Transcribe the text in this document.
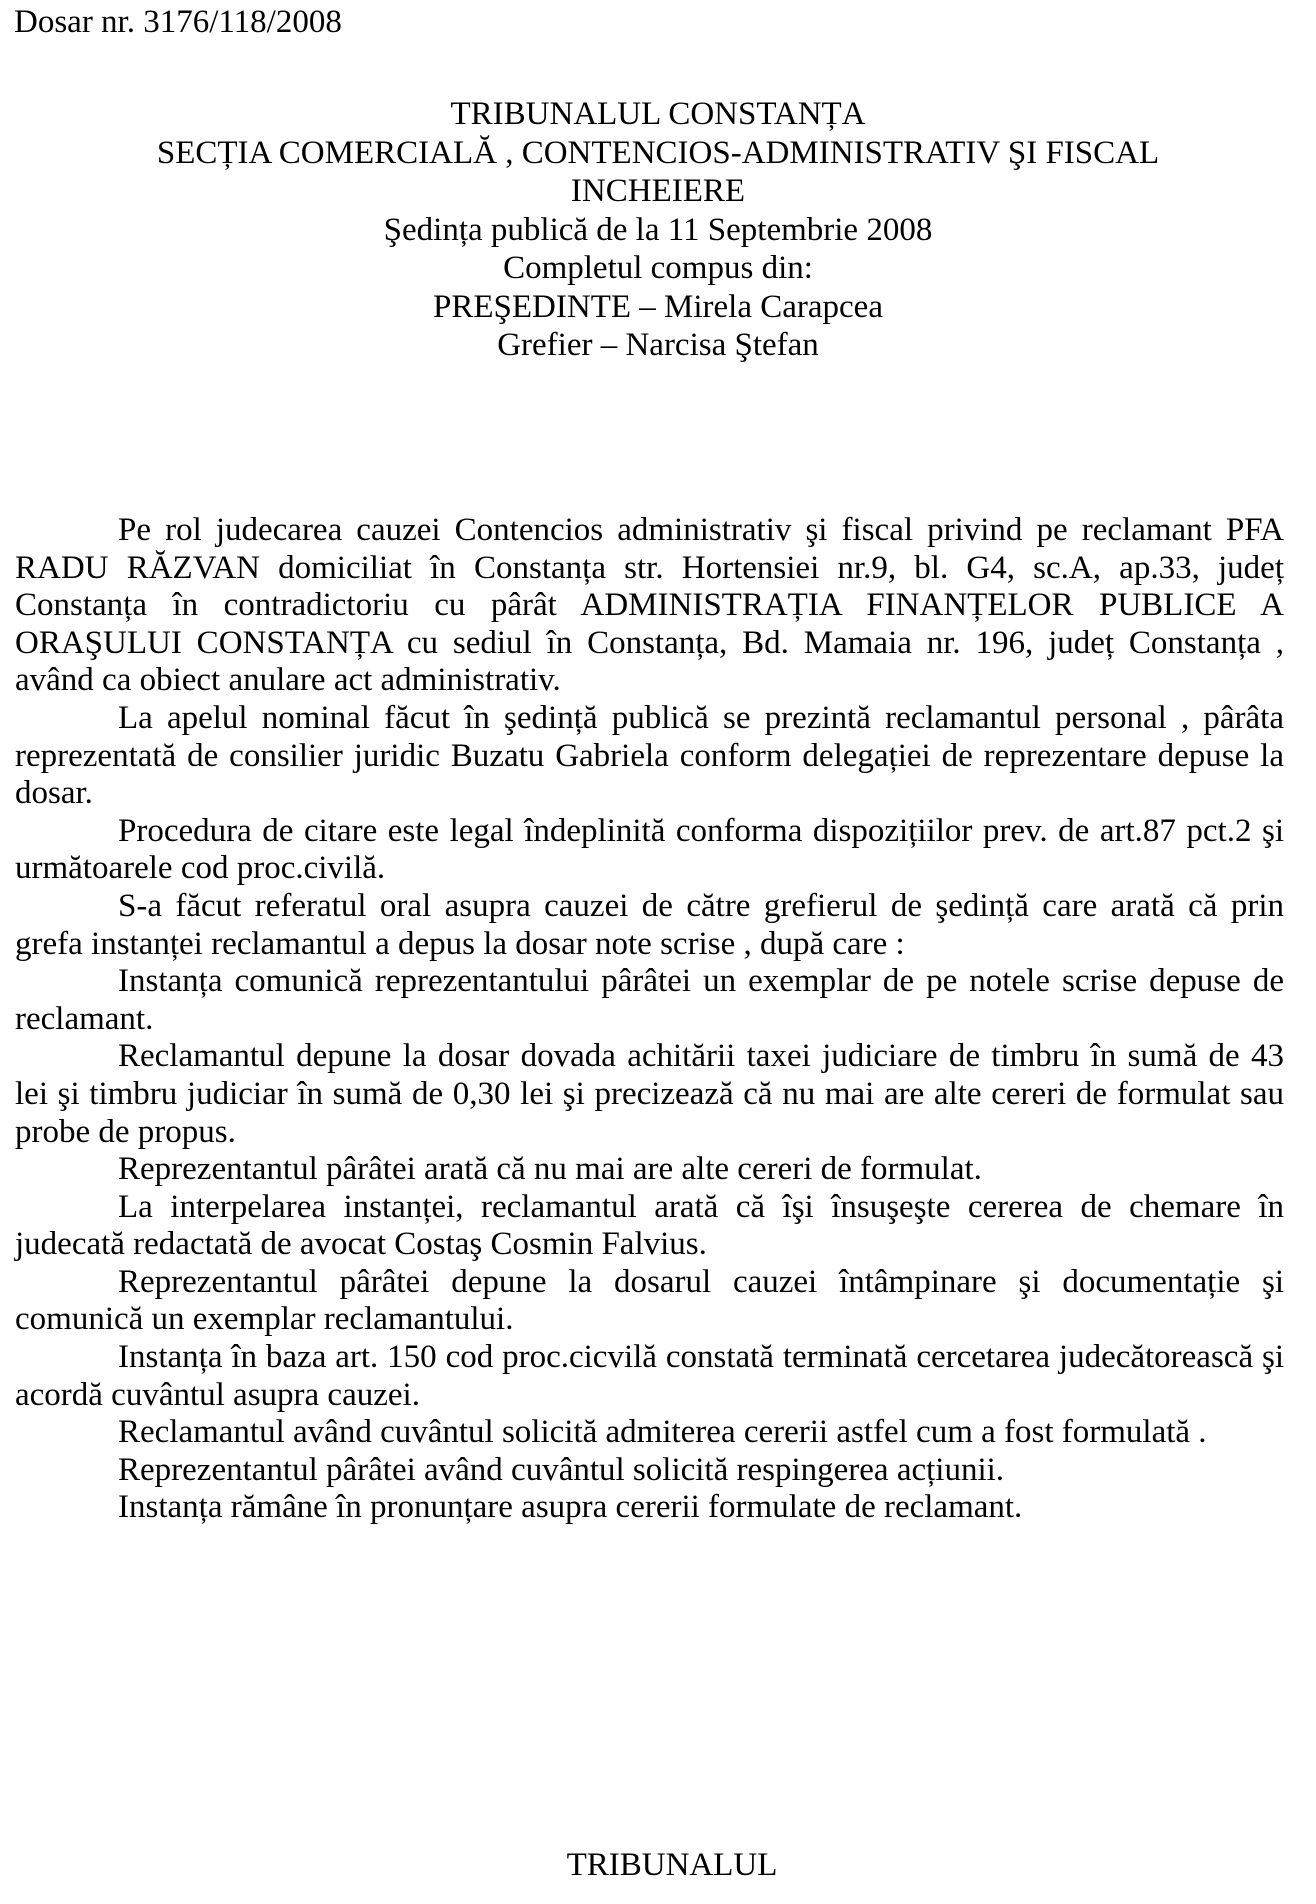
Dosar nr. 3176/118/2008
TRIBUNALUL CONSTANȚA
SECȚIA COMERCIALĂ , CONTENCIOS-ADMINISTRATIV ŞI FISCAL
INCHEIERE
Şedința publică de la 11 Septembrie 2008
Completul compus din:
PREŞEDINTE – Mirela Carapcea
Grefier – Narcisa Ştefan

Pe rol judecarea cauzei Contencios administrativ şi fiscal privind pe reclamant PFA RADU RĂZVAN domiciliat în Constanța str. Hortensiei nr.9, bl. G4, sc.A, ap.33, județ Constanța în contradictoriu cu pârât ADMINISTRAȚIA FINANȚELOR PUBLICE A ORAŞULUI CONSTANȚA cu sediul în Constanța, Bd. Mamaia nr. 196, județ Constanța , având ca obiect anulare act administrativ.

La apelul nominal făcut în şedință publică se prezintă reclamantul personal , pârâta reprezentată de consilier juridic Buzatu Gabriela conform delegației de reprezentare depuse la dosar.

Procedura de citare este legal îndeplinită conforma dispozițiilor prev. de art.87 pct.2 şi următoarele cod proc.civilă.

S-a făcut referatul oral asupra cauzei de către grefierul de şedință care arată că prin grefa instanței reclamantul a depus la dosar note scrise , după care :

Instanța comunică reprezentantului pârâtei un exemplar de pe notele scrise depuse de reclamant.

Reclamantul depune la dosar dovada achitării taxei judiciare de timbru în sumă de 43 lei şi timbru judiciar în sumă de 0,30 lei şi precizează că nu mai are alte cereri de formulat sau probe de propus.

Reprezentantul pârâtei arată că nu mai are alte cereri de formulat.

La interpelarea instanței, reclamantul arată că îşi însuşeşte cererea de chemare în judecată redactată de avocat Costaş Cosmin Falvius.

Reprezentantul pârâtei depune la dosarul cauzei întâmpinare şi documentație şi comunică un exemplar reclamantului.

Instanța în baza art. 150 cod proc.cicvilă constată terminată cercetarea judecătorească şi acordă cuvântul asupra cauzei.

Reclamantul având cuvântul solicită admiterea cererii astfel cum a fost formulată .

Reprezentantul pârâtei având cuvântul solicită respingerea acțiunii.

Instanța rămâne în pronunțare asupra cererii formulate de reclamant.

TRIBUNALUL
